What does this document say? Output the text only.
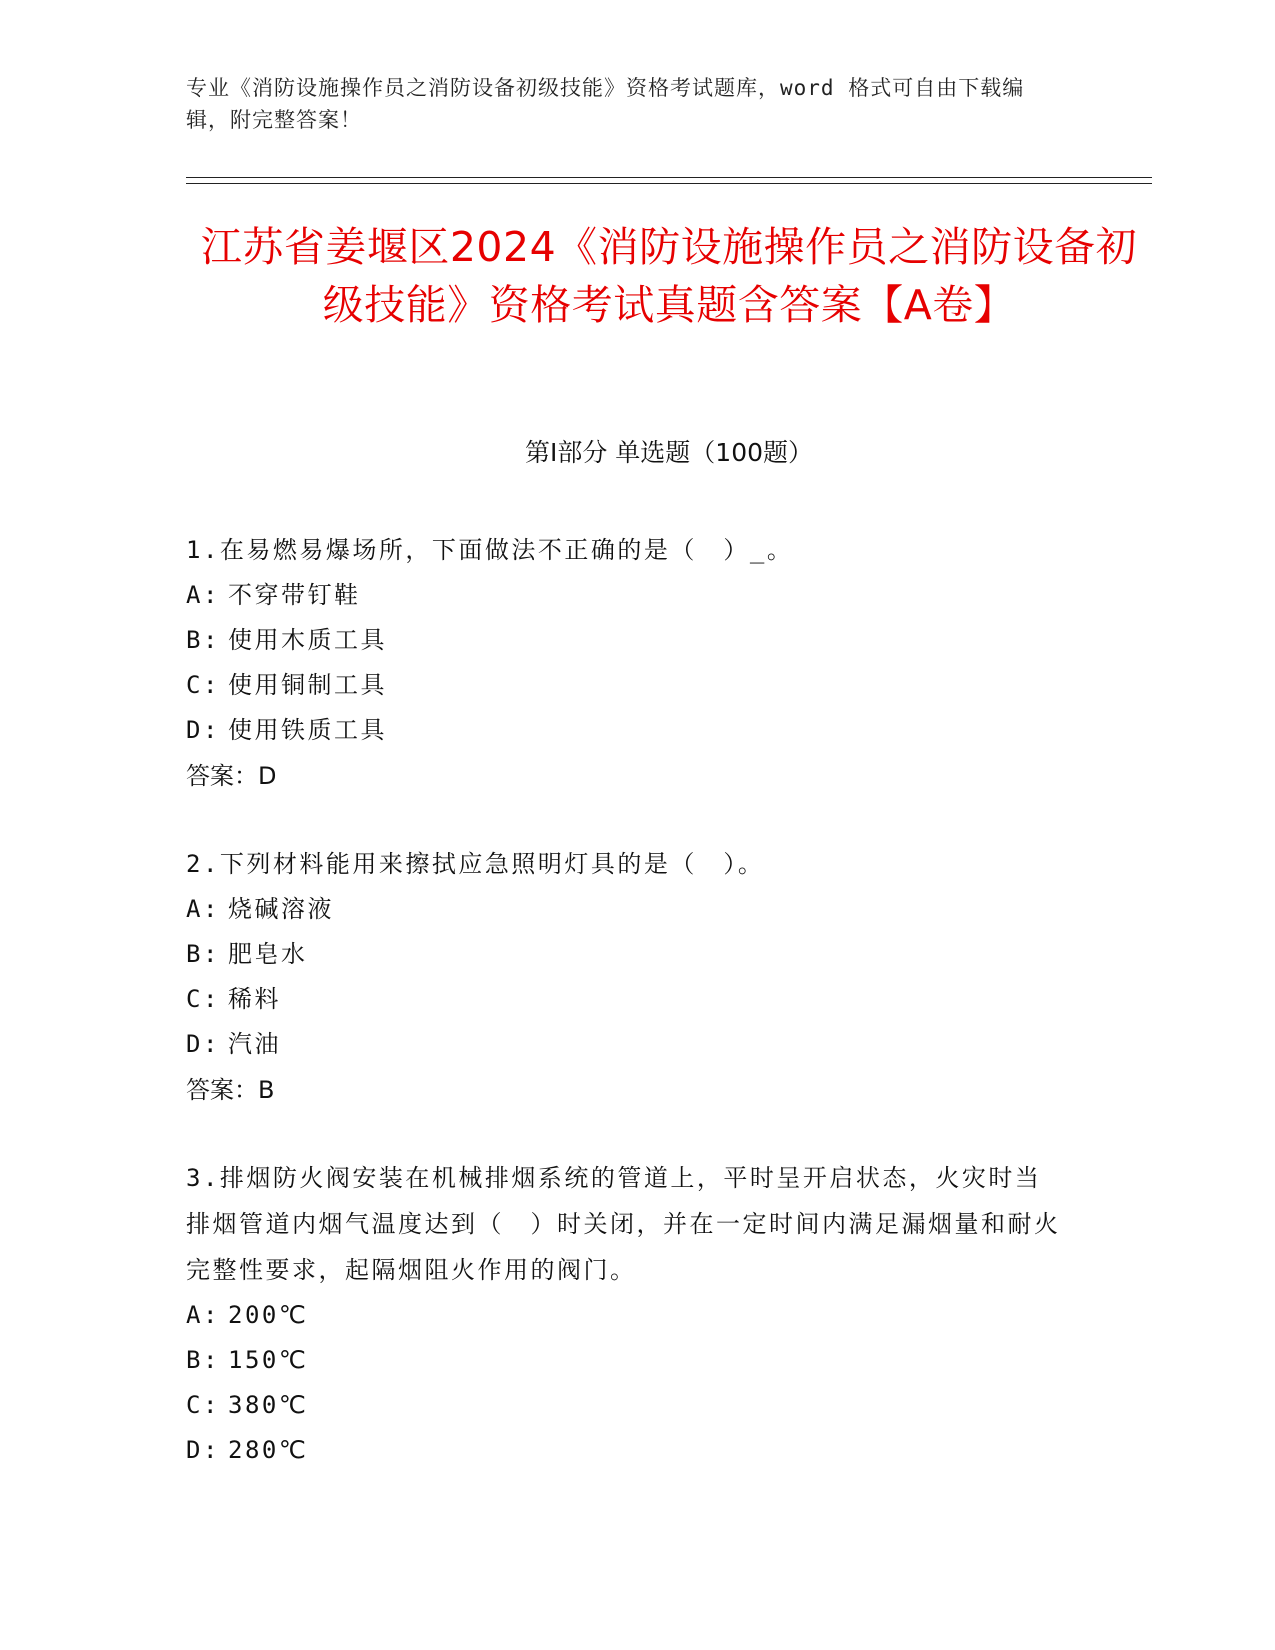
专业《消防设施操作员之消防设备初级技能》资格考试题库，word 格式可自由下载编辑，附完整答案！
江苏省姜堰区2024《消防设施操作员之消防设备初级技能》资格考试真题含答案【A卷】
第Ⅰ部分 单选题（100题）
1.在易燃易爆场所，下面做法不正确的是（　）_。
A: 不穿带钉鞋
B: 使用木质工具
C: 使用铜制工具
D: 使用铁质工具
答案：D
2.下列材料能用来擦拭应急照明灯具的是（　）。
A: 烧碱溶液
B: 肥皂水
C: 稀料
D: 汽油
答案：B
3.排烟防火阀安装在机械排烟系统的管道上，平时呈开启状态，火灾时当排烟管道内烟气温度达到（　）时关闭，并在一定时间内满足漏烟量和耐火完整性要求，起隔烟阻火作用的阀门。
A: 200℃
B: 150℃
C: 380℃
D: 280℃
